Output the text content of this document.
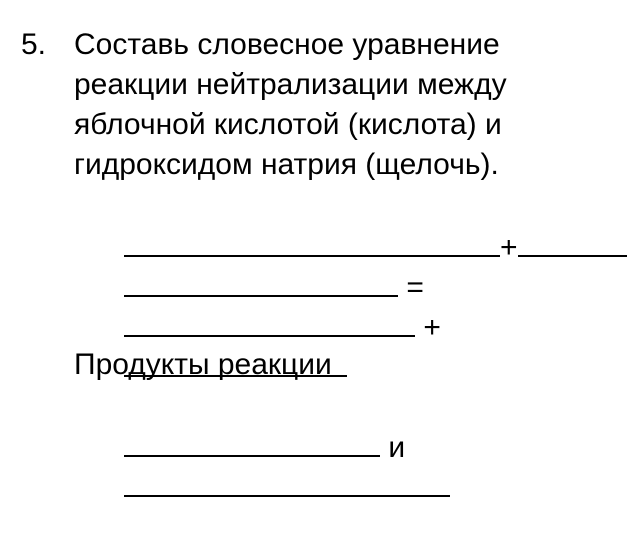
5. Составь словесное уравнение
реакции нейтрализации между
яблочной кислотой (кислота) и
гидроксидом натрия (щелочь).

+

=

+

Продукты реакции

и
